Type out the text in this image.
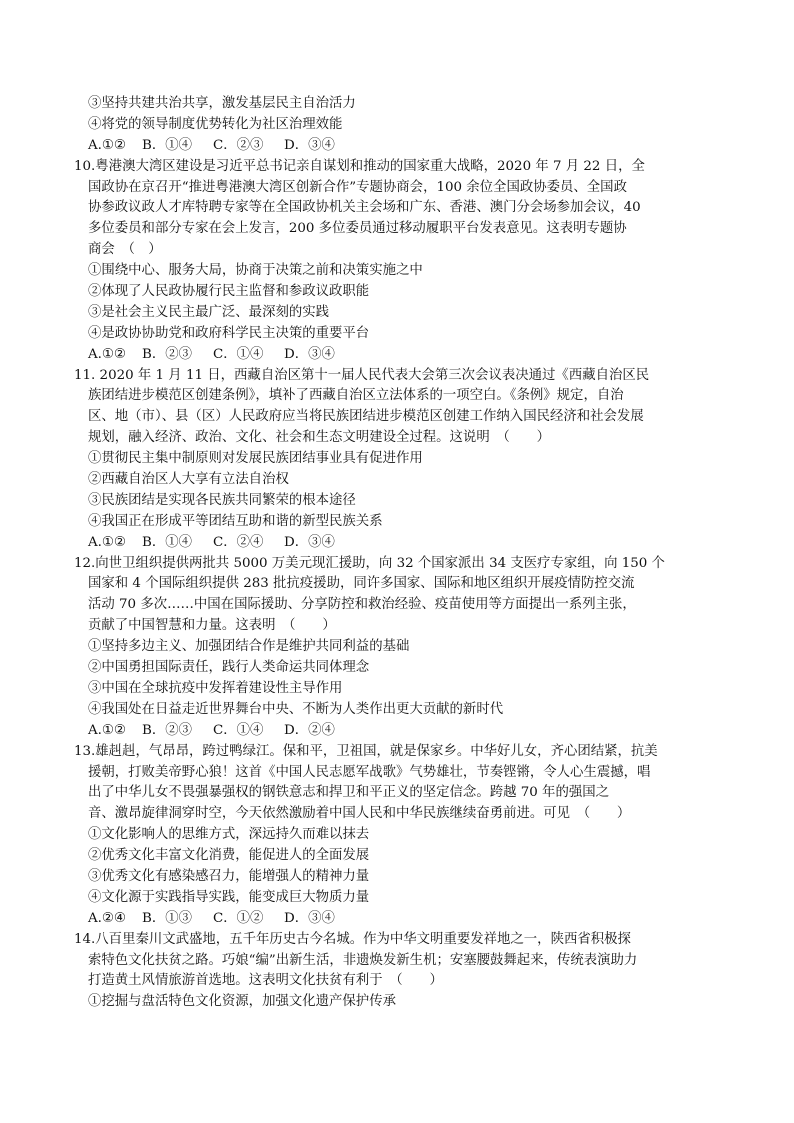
③坚持共建共治共享，激发基层民主自治活力
④将党的领导制度优势转化为社区治理效能
A.①② B．①④ C．②③ D．③④
10.粤港澳大湾区建设是习近平总书记亲自谋划和推动的国家重大战略，2020 年 7 月 22 日，全
国政协在京召开“推进粤港澳大湾区创新合作”专题协商会，100 余位全国政协委员、全国政
协参政议政人才库特聘专家等在全国政协机关主会场和广东、香港、澳门分会场参加会议，40
多位委员和部分专家在会上发言，200 多位委员通过移动履职平台发表意见。这表明专题协
商会　（　）
①围绕中心、服务大局，协商于决策之前和决策实施之中
②体现了人民政协履行民主监督和参政议政职能
③是社会主义民主最广泛、最深刻的实践
④是政协协助党和政府科学民主决策的重要平台
A.①② B．②③ C．①④ D．③④
11. 2020 年 1 月 11 日，西藏自治区第十一届人民代表大会第三次会议表决通过《西藏自治区民
族团结进步模范区创建条例》，填补了西藏自治区立法体系的一项空白。《条例》规定，自治
区、地（市）、县（区）人民政府应当将民族团结进步模范区创建工作纳入国民经济和社会发展
规划，融入经济、政治、文化、社会和生态文明建设全过程。这说明　（　　）
①贯彻民主集中制原则对发展民族团结事业具有促进作用
②西藏自治区人大享有立法自治权
③民族团结是实现各民族共同繁荣的根本途径
④我国正在形成平等团结互助和谐的新型民族关系
A.①② B．①④ C．②④ D．③④
12.向世卫组织提供两批共 5000 万美元现汇援助，向 32 个国家派出 34 支医疗专家组，向 150 个
国家和 4 个国际组织提供 283 批抗疫援助，同许多国家、国际和地区组织开展疫情防控交流
活动 70 多次……中国在国际援助、分享防控和救治经验、疫苗使用等方面提出一系列主张，
贡献了中国智慧和力量。这表明　（　　）
①坚持多边主义、加强团结合作是维护共同利益的基础
②中国勇担国际责任，践行人类命运共同体理念
③中国在全球抗疫中发挥着建设性主导作用
④我国处在日益走近世界舞台中央、不断为人类作出更大贡献的新时代
A.①② B．②③ C．①④ D．②④
13.雄赳赳，气昂昂，跨过鸭绿江。保和平，卫祖国，就是保家乡。中华好儿女，齐心团结紧，抗美
援朝，打败美帝野心狼！这首《中国人民志愿军战歌》气势雄壮，节奏铿锵，令人心生震撼，唱
出了中华儿女不畏强暴强权的钢铁意志和捍卫和平正义的坚定信念。跨越 70 年的强国之
音、激昂旋律洞穿时空，今天依然激励着中国人民和中华民族继续奋勇前进。可见　（　　）
①文化影响人的思维方式，深远持久而难以抹去
②优秀文化丰富文化消费，能促进人的全面发展
③优秀文化有感染感召力，能增强人的精神力量
④文化源于实践指导实践，能变成巨大物质力量
A.②④ B．①③ C．①② D．③④
14.八百里秦川文武盛地，五千年历史古今名城。作为中华文明重要发祥地之一，陕西省积极探
索特色文化扶贫之路。巧娘“编”出新生活，非遗焕发新生机；安塞腰鼓舞起来，传统表演助力
打造黄土风情旅游首选地。这表明文化扶贫有利于　（　　）
①挖掘与盘活特色文化资源，加强文化遗产保护传承
